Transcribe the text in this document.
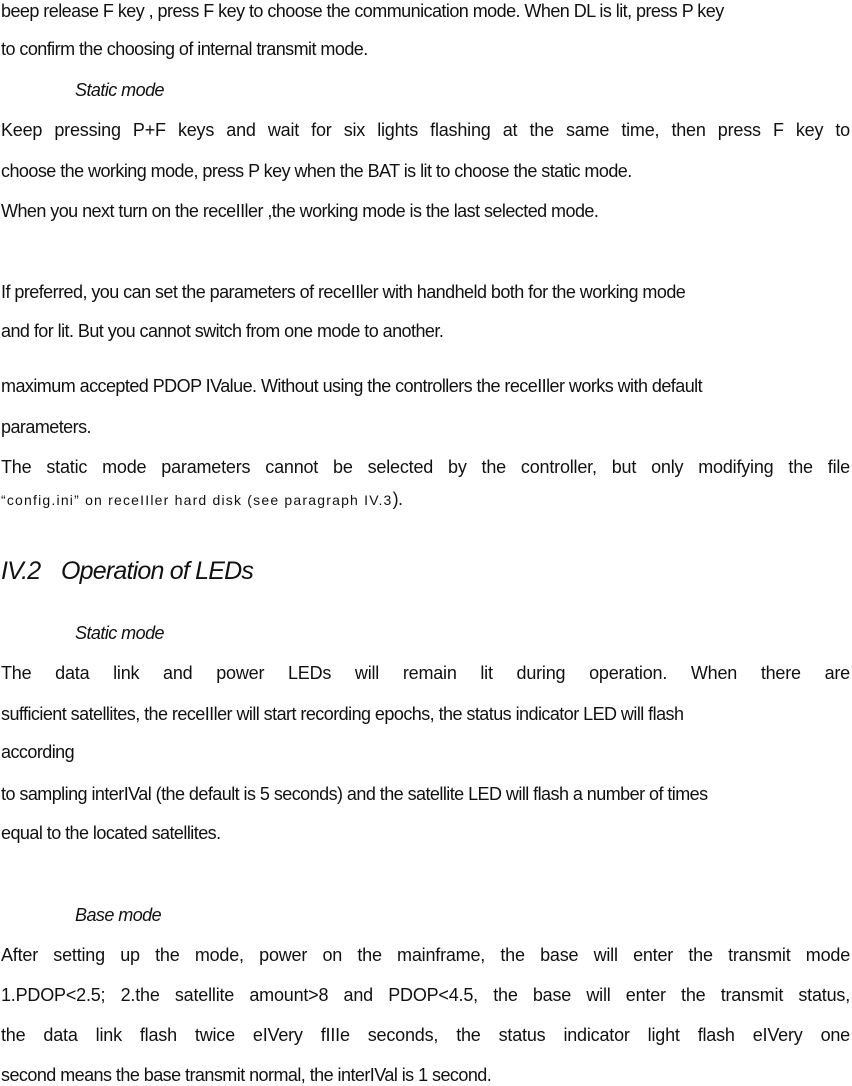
beep release F key , press F key to choose the communication mode. When DL is lit, press P key
to confirm the choosing of internal transmit mode.
Static mode
Keep pressing P+F keys and wait for six lights flashing at the same time, then press F key to
choose the working mode, press P key when the BAT is lit to choose the static mode.
When you next turn on the receIIler ,the working mode is the last selected mode.
If preferred, you can set the parameters of receIIler with handheld both for the working mode
and for lit. But you cannot switch from one mode to another.
maximum accepted PDOP IValue. Without using the controllers the receIIler works with default
parameters.
The static mode parameters cannot be selected by the controller, but only modifying the file
“config.ini” on receIIler hard disk (see paragraph IV.3).
IV.2 Operation of LEDs
Static mode
The data link and power LEDs will remain lit during operation. When there are
sufficient satellites, the receIIler will start recording epochs, the status indicator LED will flash
according
to sampling interIVal (the default is 5 seconds) and the satellite LED will flash a number of times
equal to the located satellites.
Base mode
After setting up the mode, power on the mainframe, the base will enter the transmit mode
1.PDOP<2.5; 2.the satellite amount>8 and PDOP<4.5, the base will enter the transmit status,
the data link flash twice eIVery fIIIe seconds, the status indicator light flash eIVery one
second means the base transmit normal, the interIVal is 1 second.
